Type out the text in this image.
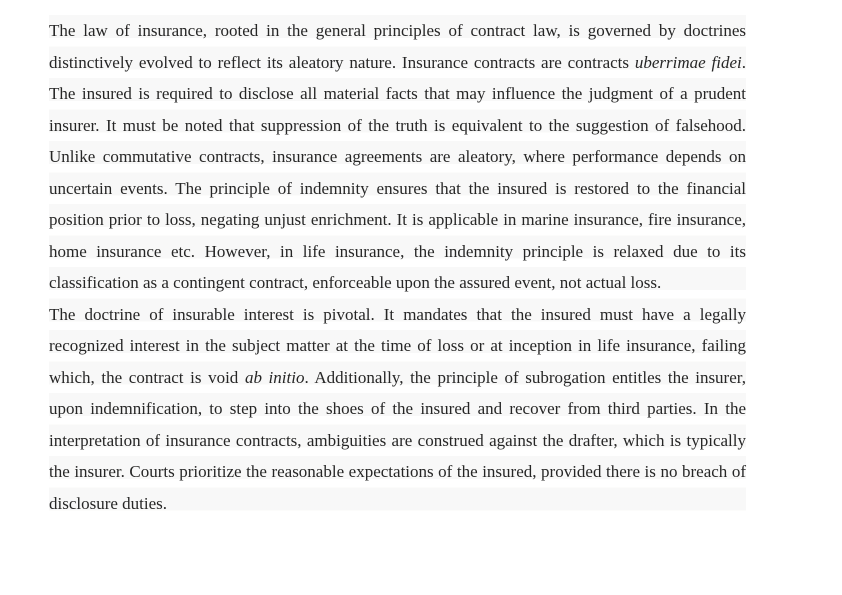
The law of insurance, rooted in the general principles of contract law, is governed by doctrines distinctively evolved to reflect its aleatory nature. Insurance contracts are contracts uberrimae fidei. The insured is required to disclose all material facts that may influence the judgment of a prudent insurer. It must be noted that suppression of the truth is equivalent to the suggestion of falsehood. Unlike commutative contracts, insurance agreements are aleatory, where performance depends on uncertain events. The principle of indemnity ensures that the insured is restored to the financial position prior to loss, negating unjust enrichment. It is applicable in marine insurance, fire insurance, home insurance etc. However, in life insurance, the indemnity principle is relaxed due to its classification as a contingent contract, enforceable upon the assured event, not actual loss.

The doctrine of insurable interest is pivotal. It mandates that the insured must have a legally recognized interest in the subject matter at the time of loss or at inception in life insurance, failing which, the contract is void ab initio. Additionally, the principle of subrogation entitles the insurer, upon indemnification, to step into the shoes of the insured and recover from third parties. In the interpretation of insurance contracts, ambiguities are construed against the drafter, which is typically the insurer. Courts prioritize the reasonable expectations of the insured, provided there is no breach of disclosure duties.
